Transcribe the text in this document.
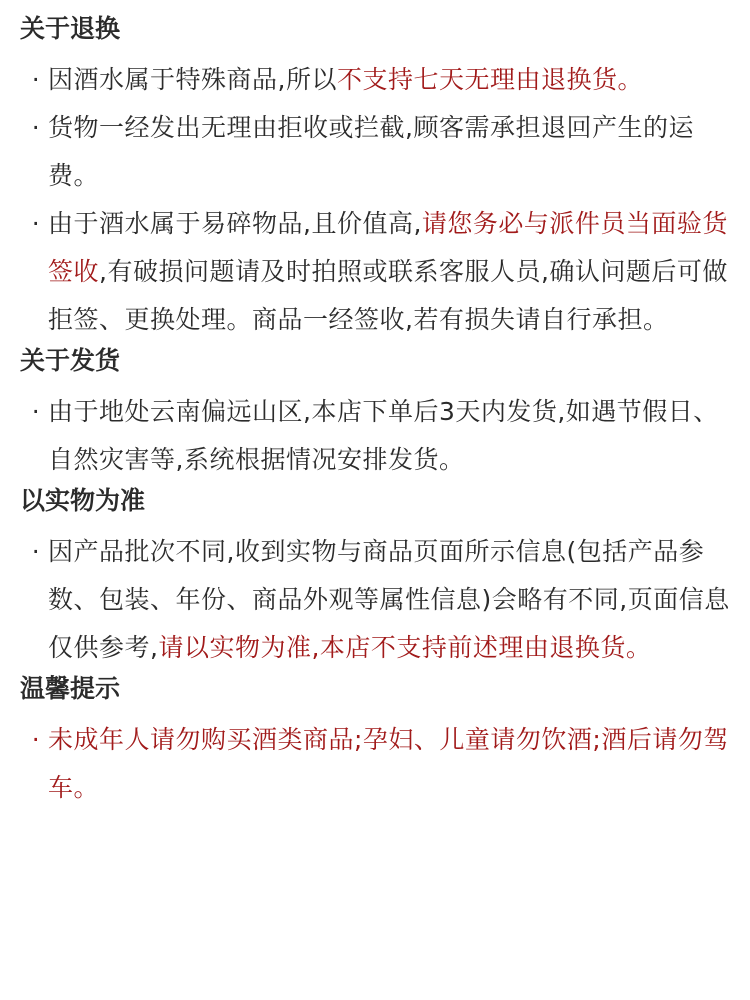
关于退换

· 因酒水属于特殊商品,所以不支持七天无理由退换货。

· 货物一经发出无理由拒收或拦截,顾客需承担退回产生的运费。

· 由于酒水属于易碎物品,且价值高,请您务必与派件员当面验货签收,有破损问题请及时拍照或联系客服人员,确认问题后可做拒签、更换处理。商品一经签收,若有损失请自行承担。

关于发货

· 由于地处云南偏远山区,本店下单后3天内发货,如遇节假日、自然灾害等,系统根据情况安排发货。

以实物为准

· 因产品批次不同,收到实物与商品页面所示信息(包括产品参数、包装、年份、商品外观等属性信息)会略有不同,页面信息仅供参考,请以实物为准,本店不支持前述理由退换货。

温馨提示

· 未成年人请勿购买酒类商品;孕妇、儿童请勿饮酒;酒后请勿驾车。
